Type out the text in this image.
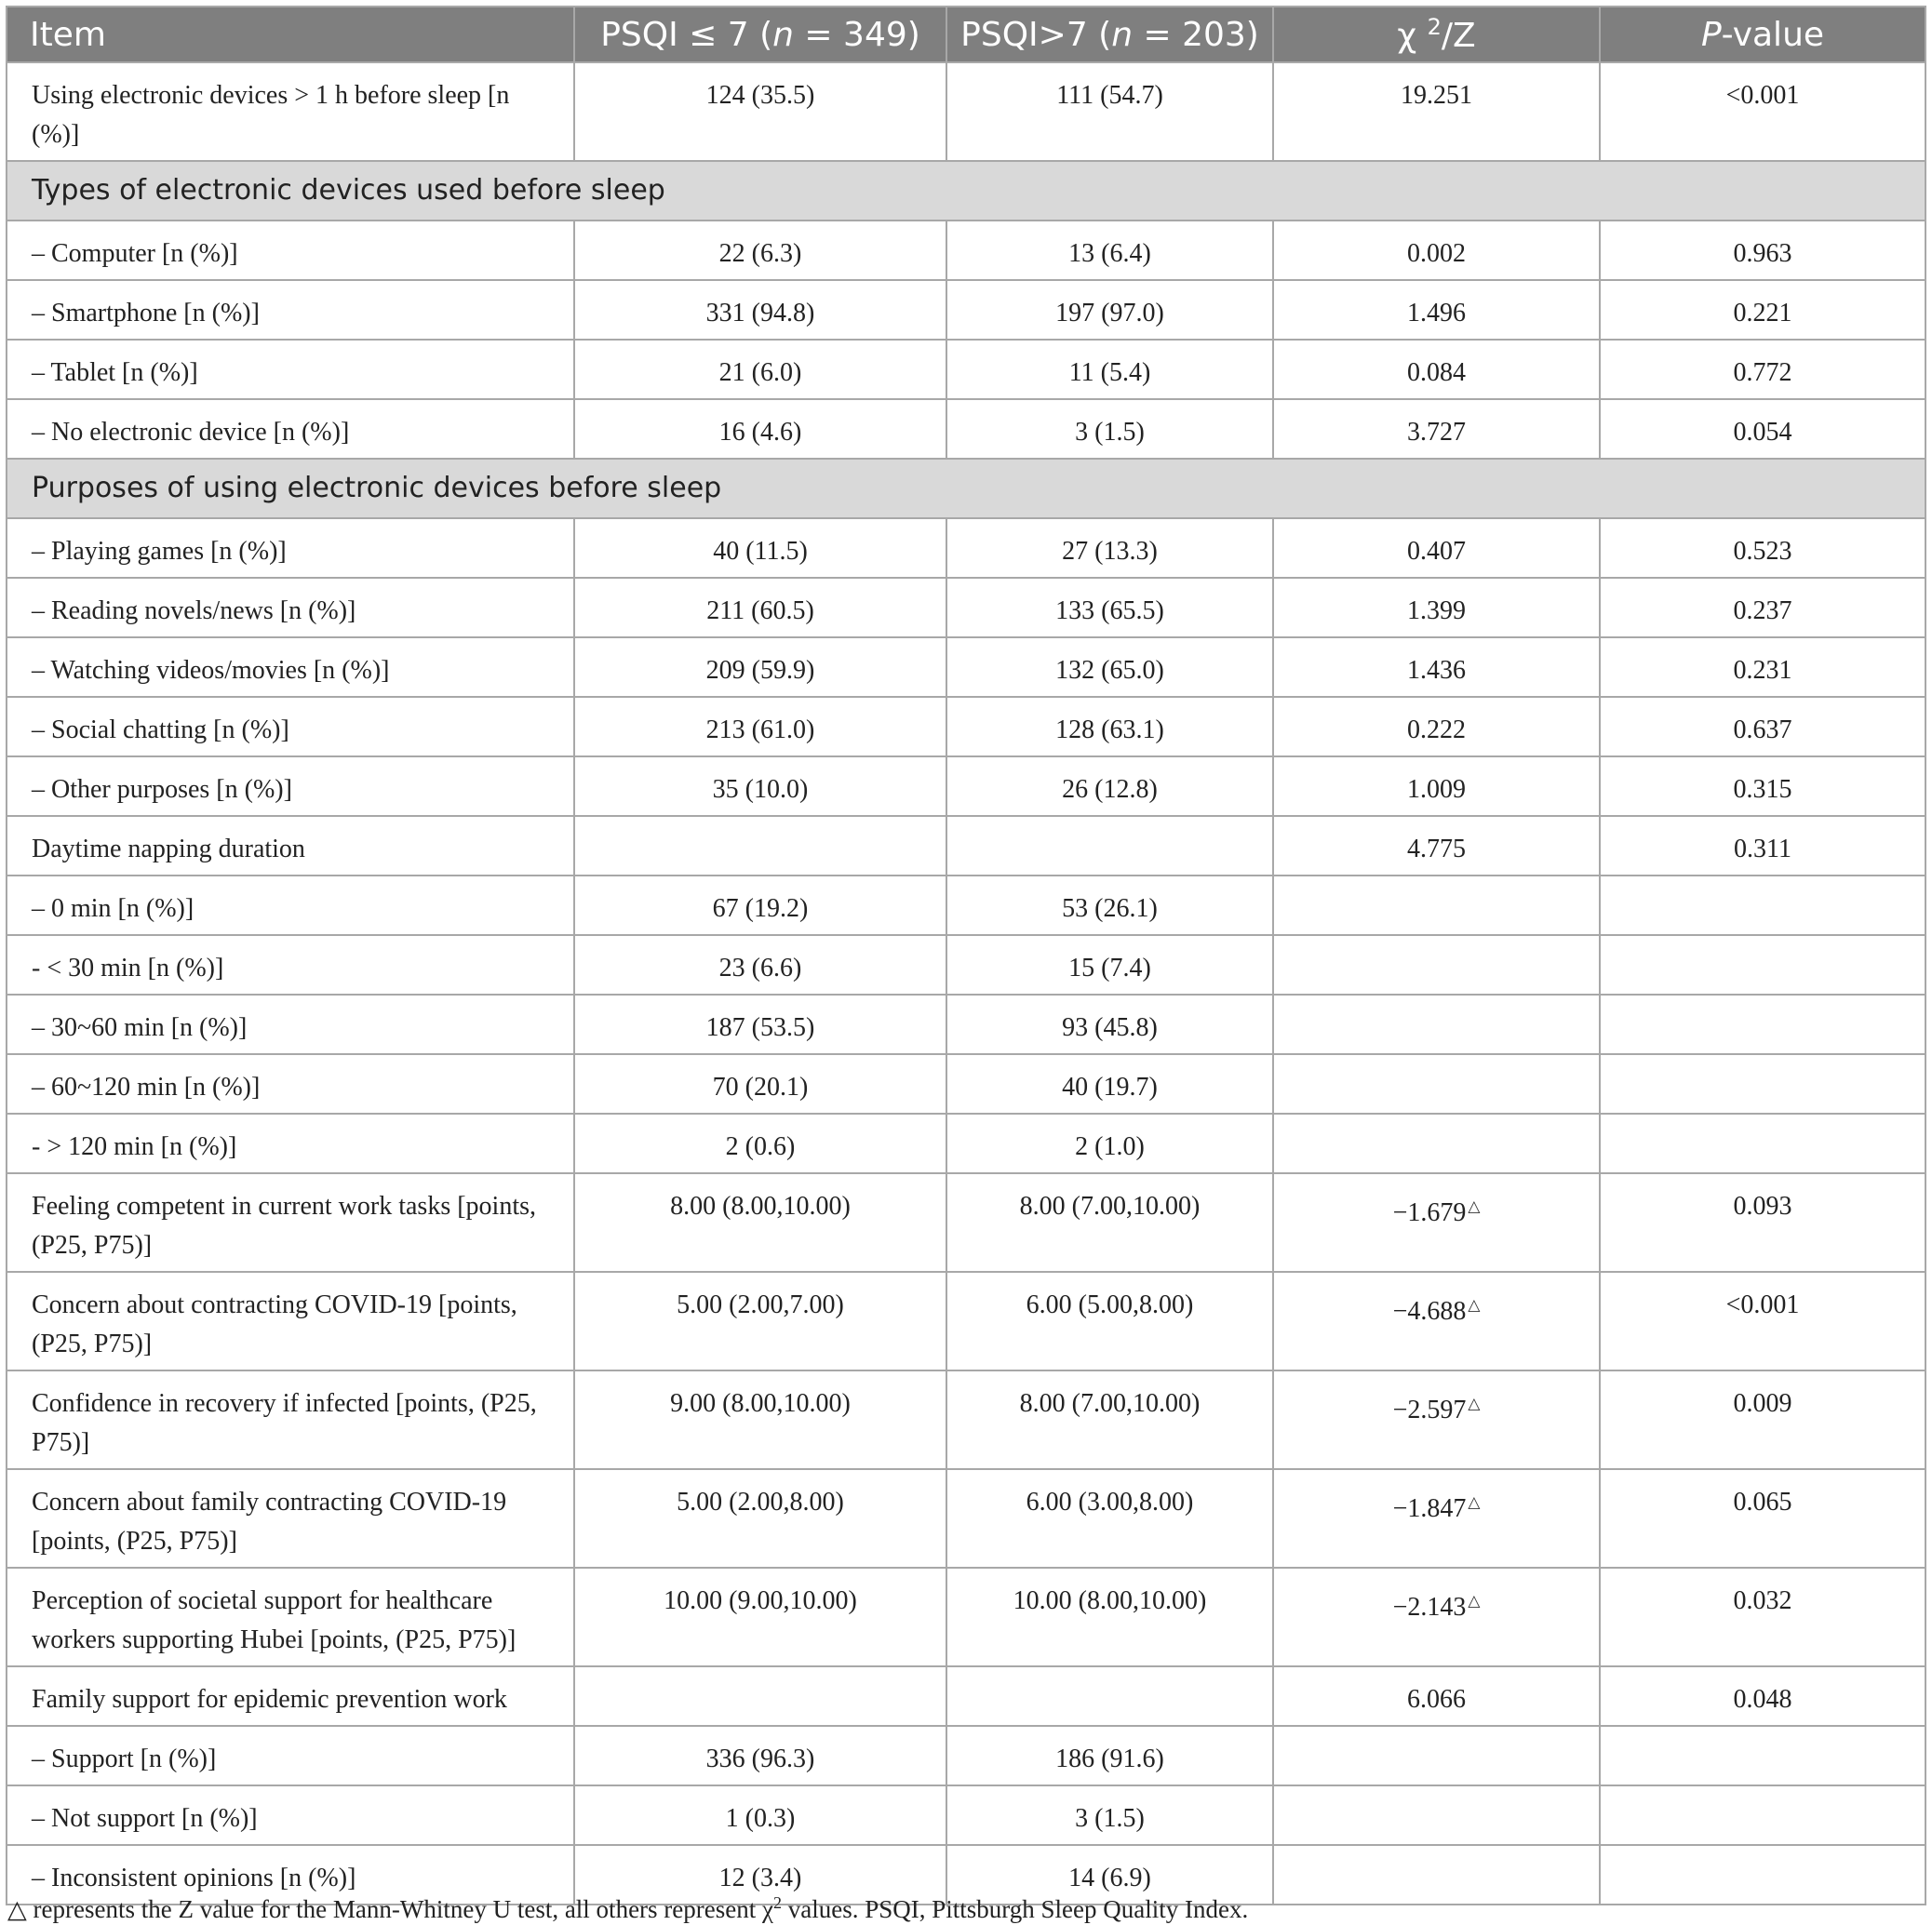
Item	PSQI ≤ 7 (n = 349)	PSQI>7 (n = 203)	χ $^2$/Z	P-value
Using electronic devices > 1 h before sleep [n (%)]	124 (35.5)	111 (54.7)	19.251	<0.001
Types of electronic devices used before sleep				
– Computer [n (%)]	22 (6.3)	13 (6.4)	0.002	0.963
– Smartphone [n (%)]	331 (94.8)	197 (97.0)	1.496	0.221
– Tablet [n (%)]	21 (6.0)	11 (5.4)	0.084	0.772
– No electronic device [n (%)]	16 (4.6)	3 (1.5)	3.727	0.054
Purposes of using electronic devices before sleep				
– Playing games [n (%)]	40 (11.5)	27 (13.3)	0.407	0.523
– Reading novels/news [n (%)]	211 (60.5)	133 (65.5)	1.399	0.237
– Watching videos/movies [n (%)]	209 (59.9)	132 (65.0)	1.436	0.231
– Social chatting [n (%)]	213 (61.0)	128 (63.1)	0.222	0.637
– Other purposes [n (%)]	35 (10.0)	26 (12.8)	1.009	0.315
Daytime napping duration			4.775	0.311
– 0 min [n (%)]	67 (19.2)	53 (26.1)		
- < 30 min [n (%)]	23 (6.6)	15 (7.4)		
– 30~60 min [n (%)]	187 (53.5)	93 (45.8)		
– 60~120 min [n (%)]	70 (20.1)	40 (19.7)		
- > 120 min [n (%)]	2 (0.6)	2 (1.0)		
Feeling competent in current work tasks [points, (P25, P75)]	8.00 (8.00,10.00)	8.00 (7.00,10.00)	−1.679 △	0.093
Concern about contracting COVID-19 [points, (P25, P75)]	5.00 (2.00,7.00)	6.00 (5.00,8.00)	−4.688 △	<0.001
Confidence in recovery if infected [points, (P25, P75)]	9.00 (8.00,10.00)	8.00 (7.00,10.00)	−2.597 △	0.009
Concern about family contracting COVID-19 [points, (P25, P75)]	5.00 (2.00,8.00)	6.00 (3.00,8.00)	−1.847 △	0.065
Perception of societal support for healthcare workers supporting Hubei [points, (P25, P75)]	10.00 (9.00,10.00)	10.00 (8.00,10.00)	−2.143 △	0.032
Family support for epidemic prevention work			6.066	0.048
– Support [n (%)]	336 (96.3)	186 (91.6)		
– Not support [n (%)]	1 (0.3)	3 (1.5)		
– Inconsistent opinions [n (%)]	12 (3.4)	14 (6.9)		
△ represents the Z value for the Mann-Whitney U test, all others represent $\chi^2$ values. PSQI, Pittsburgh Sleep Quality Index.
